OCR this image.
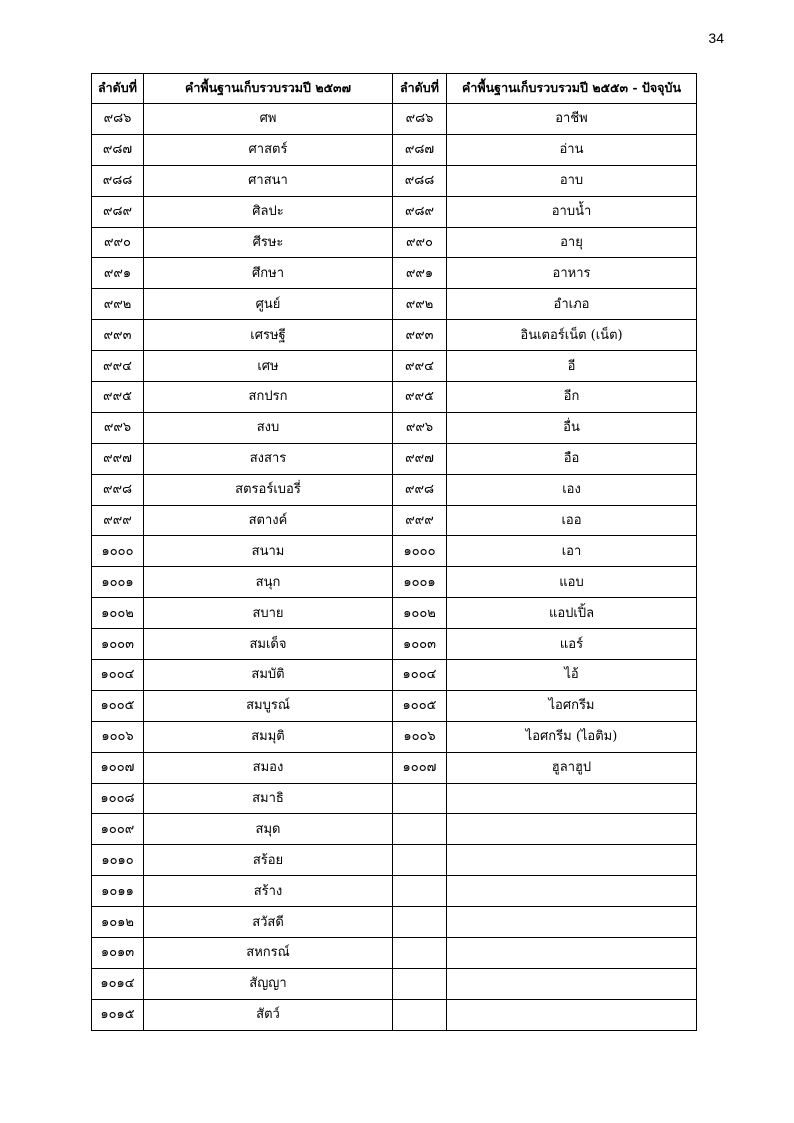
34
ลำดับที่	คำพื้นฐานเก็บรวบรวมปี ๒๕๓๗	ลำดับที่	คำพื้นฐานเก็บรวบรวมปี ๒๕๕๓ - ปัจจุบัน
๙๘๖	ศพ	๙๘๖	อาชีพ
๙๘๗	ศาสตร์	๙๘๗	อ่าน
๙๘๘	ศาสนา	๙๘๘	อาบ
๙๘๙	ศิลปะ	๙๘๙	อาบน้ำ
๙๙๐	ศีรษะ	๙๙๐	อายุ
๙๙๑	ศึกษา	๙๙๑	อาหาร
๙๙๒	ศูนย์	๙๙๒	อำเภอ
๙๙๓	เศรษฐี	๙๙๓	อินเตอร์เน็ต (เน็ต)
๙๙๔	เศษ	๙๙๔	อี
๙๙๕	สกปรก	๙๙๕	อีก
๙๙๖	สงบ	๙๙๖	อื่น
๙๙๗	สงสาร	๙๙๗	อือ
๙๙๘	สตรอร์เบอรี่	๙๙๘	เอง
๙๙๙	สตางค์	๙๙๙	เออ
๑๐๐๐	สนาม	๑๐๐๐	เอา
๑๐๐๑	สนุก	๑๐๐๑	แอบ
๑๐๐๒	สบาย	๑๐๐๒	แอปเปิ้ล
๑๐๐๓	สมเด็จ	๑๐๐๓	แอร์
๑๐๐๔	สมบัติ	๑๐๐๔	ไอ้
๑๐๐๕	สมบูรณ์	๑๐๐๕	ไอศกรีม
๑๐๐๖	สมมุติ	๑๐๐๖	ไอศกรีม (ไอติม)
๑๐๐๗	สมอง	๑๐๐๗	ฮูลาฮูป
๑๐๐๘	สมาธิ		
๑๐๐๙	สมุด		
๑๐๑๐	สร้อย		
๑๐๑๑	สร้าง		
๑๐๑๒	สวัสดี		
๑๐๑๓	สหกรณ์		
๑๐๑๔	สัญญา		
๑๐๑๕	สัตว์		
